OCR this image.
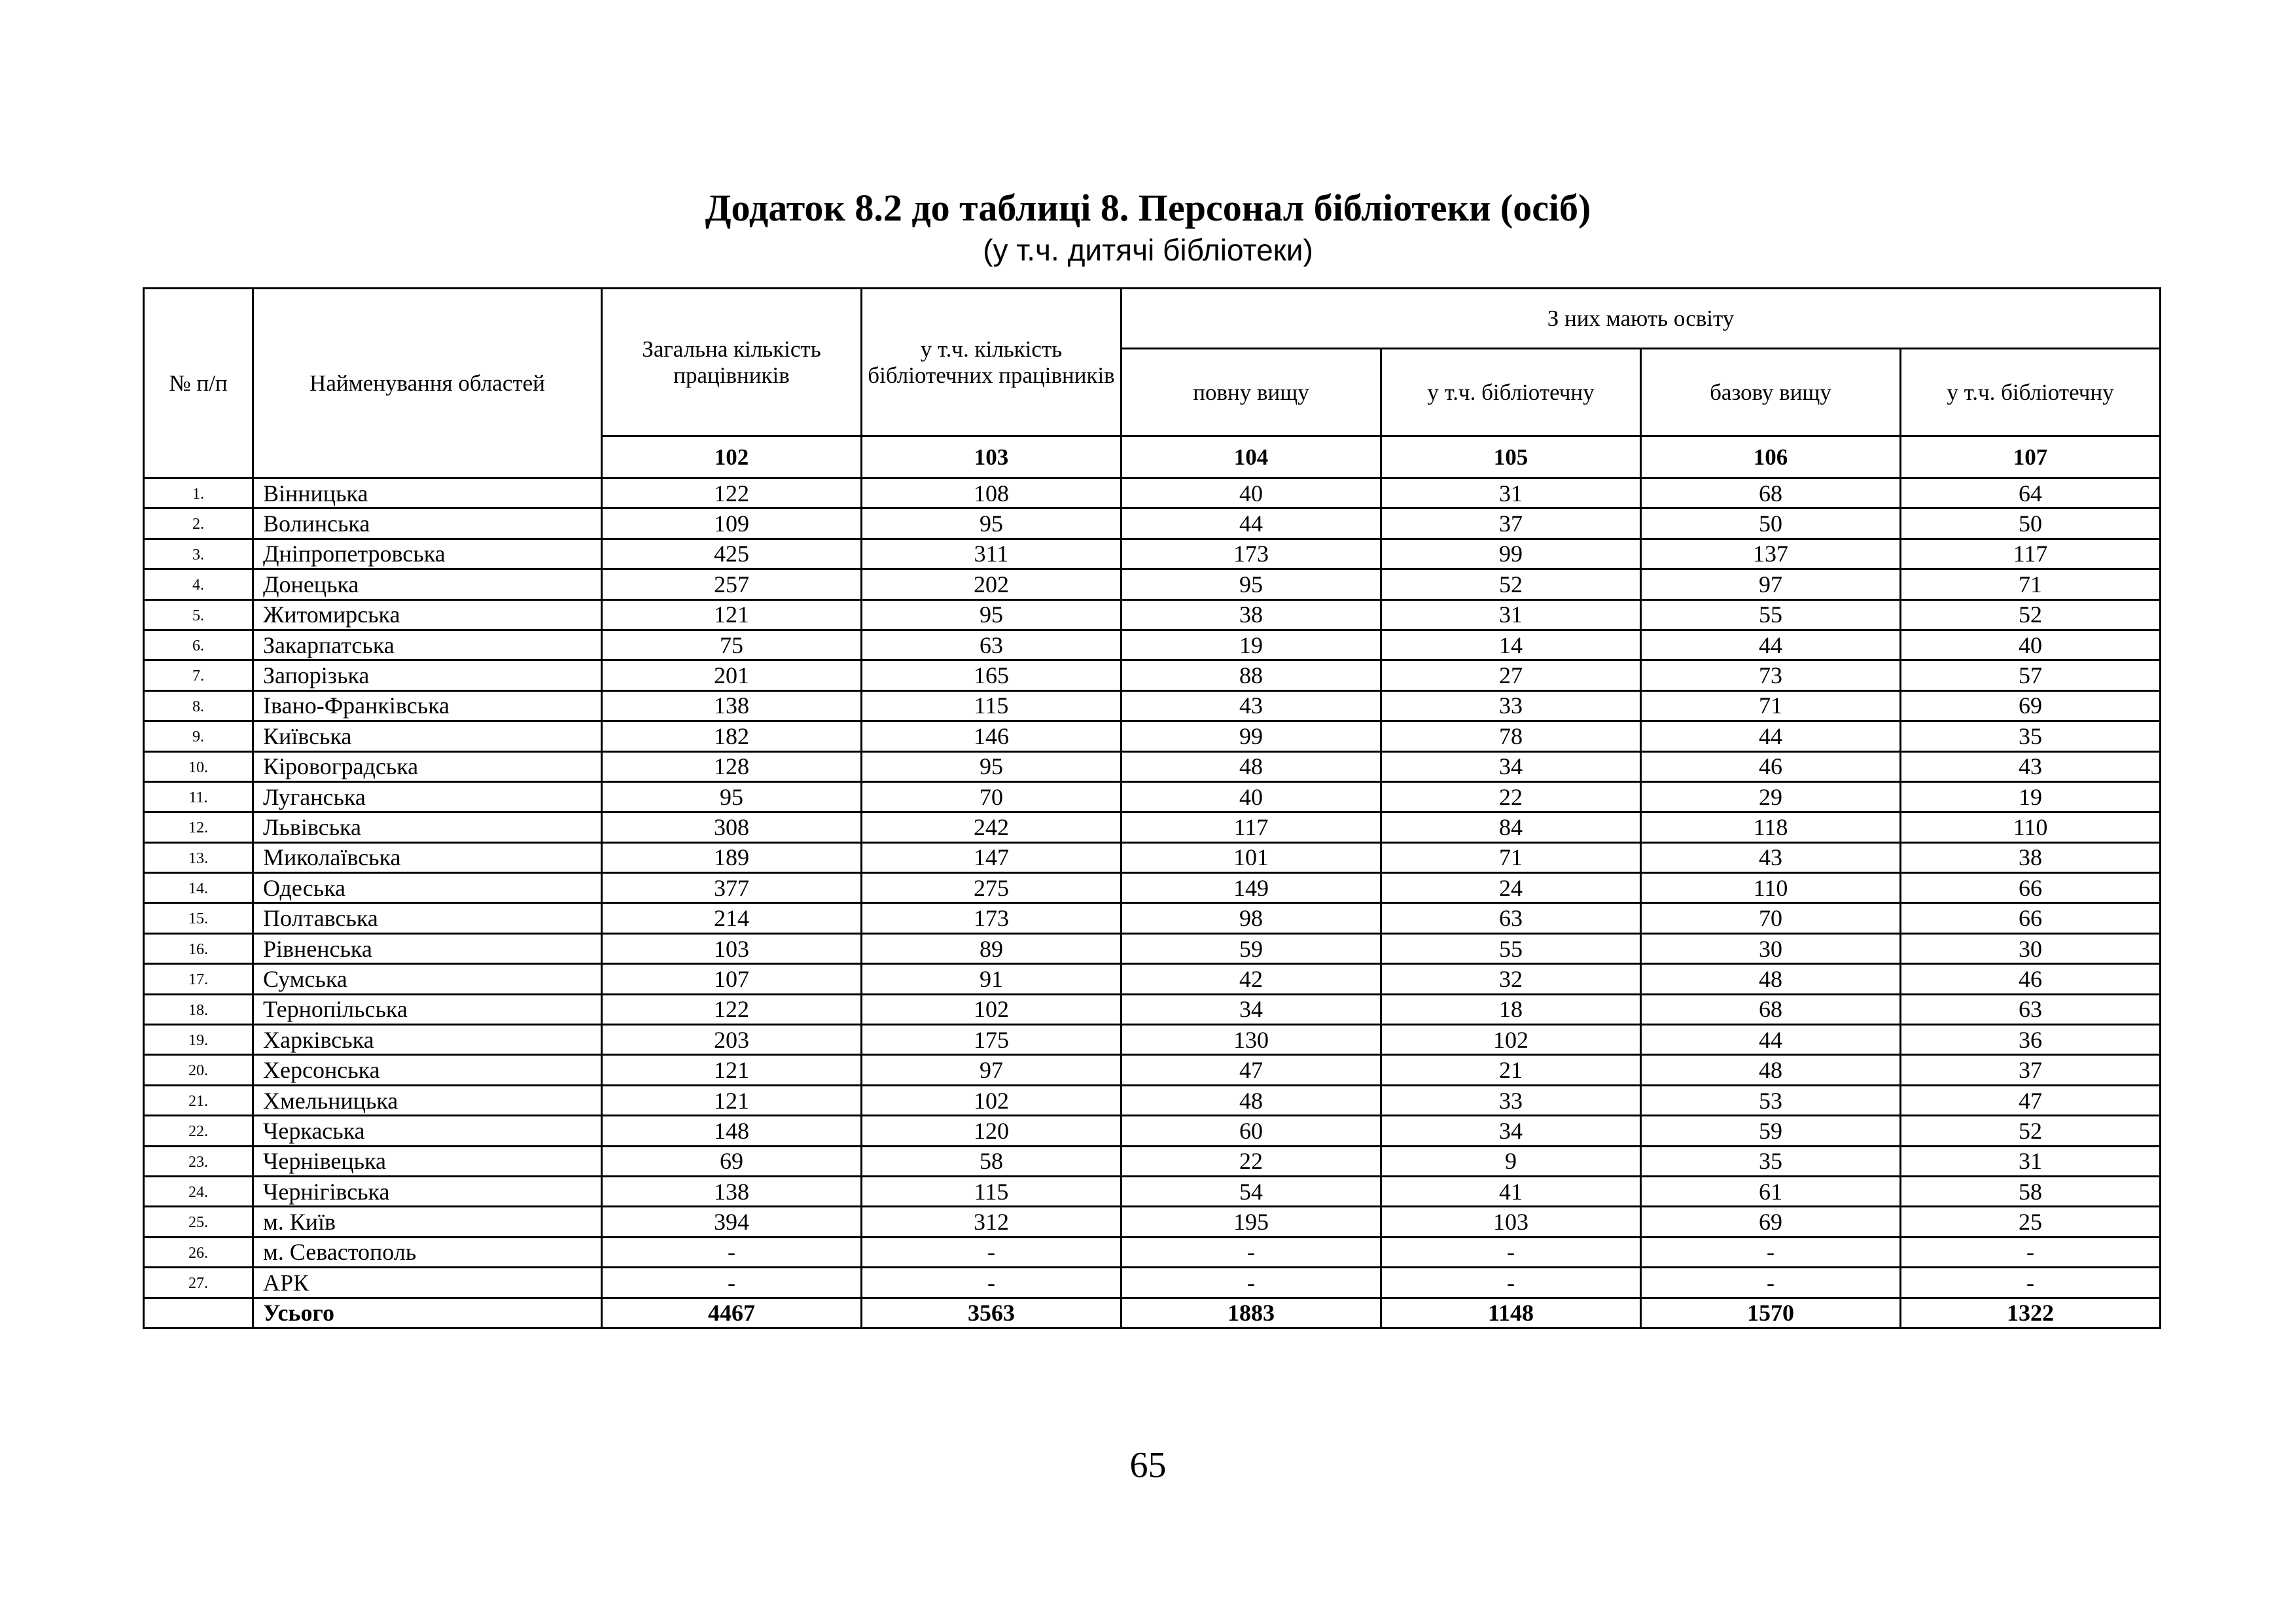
Додаток 8.2 до таблиці 8. Персонал бібліотеки (осіб)
(у т.ч. дитячі бібліотеки)
№ п/п	Найменування областей	Загальна кількість працівників	у т.ч. кількість бібліотечних працівників	З них мають освіту			
				повну вищу	у т.ч. бібліотечну	базову вищу	у т.ч. бібліотечну
		102	103	104	105	106	107
1.	Вінницька	122	108	40	31	68	64
2.	Волинська	109	95	44	37	50	50
3.	Дніпропетровська	425	311	173	99	137	117
4.	Донецька	257	202	95	52	97	71
5.	Житомирська	121	95	38	31	55	52
6.	Закарпатська	75	63	19	14	44	40
7.	Запорізька	201	165	88	27	73	57
8.	Івано-Франківська	138	115	43	33	71	69
9.	Київська	182	146	99	78	44	35
10.	Кіровоградська	128	95	48	34	46	43
11.	Луганська	95	70	40	22	29	19
12.	Львівська	308	242	117	84	118	110
13.	Миколаївська	189	147	101	71	43	38
14.	Одеська	377	275	149	24	110	66
15.	Полтавська	214	173	98	63	70	66
16.	Рівненська	103	89	59	55	30	30
17.	Сумська	107	91	42	32	48	46
18.	Тернопільська	122	102	34	18	68	63
19.	Харківська	203	175	130	102	44	36
20.	Херсонська	121	97	47	21	48	37
21.	Хмельницька	121	102	48	33	53	47
22.	Черкаська	148	120	60	34	59	52
23.	Чернівецька	69	58	22	9	35	31
24.	Чернігівська	138	115	54	41	61	58
25.	м. Київ	394	312	195	103	69	25
26.	м. Севастополь	-	-	-	-	-	-
27.	АРК	-	-	-	-	-	-
	Усього	4467	3563	1883	1148	1570	1322
65
